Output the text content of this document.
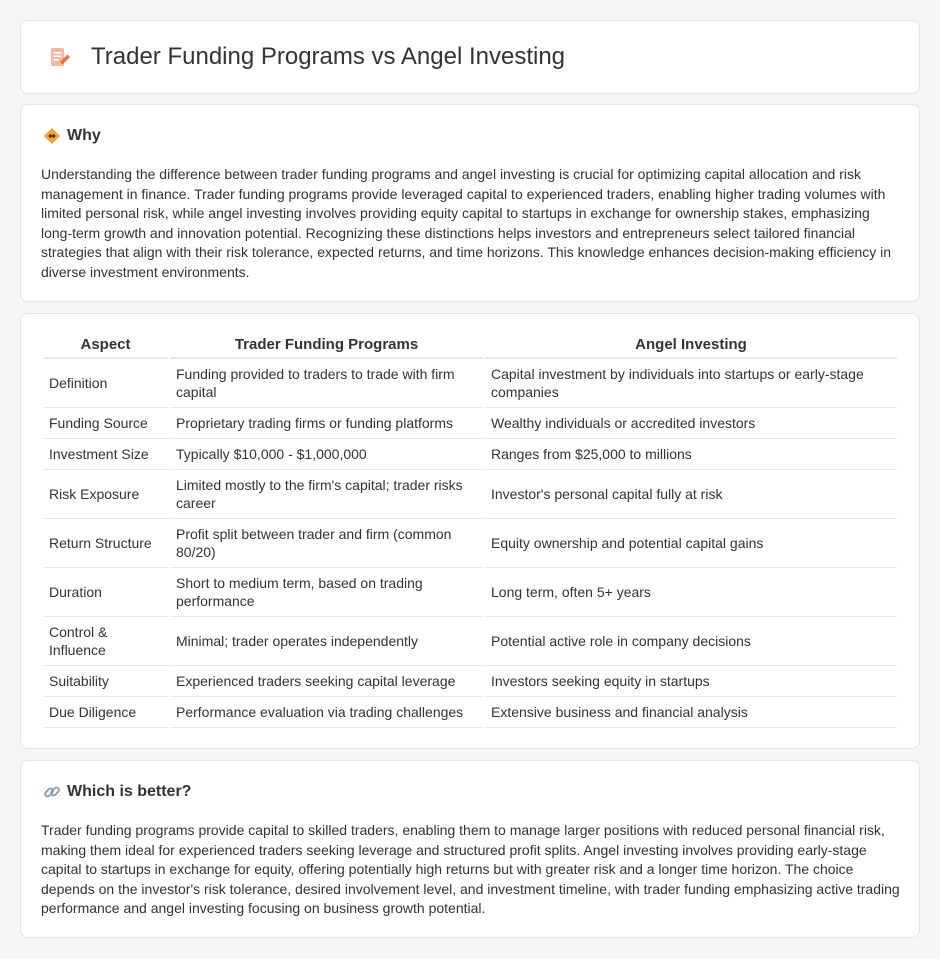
Trader Funding Programs vs Angel Investing
Why

Understanding the difference between trader funding programs and angel investing is crucial for optimizing capital allocation and risk management in finance. Trader funding programs provide leveraged capital to experienced traders, enabling higher trading volumes with limited personal risk, while angel investing involves providing equity capital to startups in exchange for ownership stakes, emphasizing long-term growth and innovation potential. Recognizing these distinctions helps investors and entrepreneurs select tailored financial strategies that align with their risk tolerance, expected returns, and time horizons. This knowledge enhances decision-making efficiency in diverse investment environments.

Aspect	Trader Funding Programs	Angel Investing
Definition	Funding provided to traders to trade with firm capital	Capital investment by individuals into startups or early-stage companies
Funding Source	Proprietary trading firms or funding platforms	Wealthy individuals or accredited investors
Investment Size	Typically $10,000 - $1,000,000	Ranges from $25,000 to millions
Risk Exposure	Limited mostly to the firm's capital; trader risks career	Investor's personal capital fully at risk
Return Structure	Profit split between trader and firm (common 80/20)	Equity ownership and potential capital gains
Duration	Short to medium term, based on trading performance	Long term, often 5+ years
Control & Influence	Minimal; trader operates independently	Potential active role in company decisions
Suitability	Experienced traders seeking capital leverage	Investors seeking equity in startups
Due Diligence	Performance evaluation via trading challenges	Extensive business and financial analysis
Which is better?

Trader funding programs provide capital to skilled traders, enabling them to manage larger positions with reduced personal financial risk, making them ideal for experienced traders seeking leverage and structured profit splits. Angel investing involves providing early-stage capital to startups in exchange for equity, offering potentially high returns but with greater risk and a longer time horizon. The choice depends on the investor's risk tolerance, desired involvement level, and investment timeline, with trader funding emphasizing active trading performance and angel investing focusing on business growth potential.
